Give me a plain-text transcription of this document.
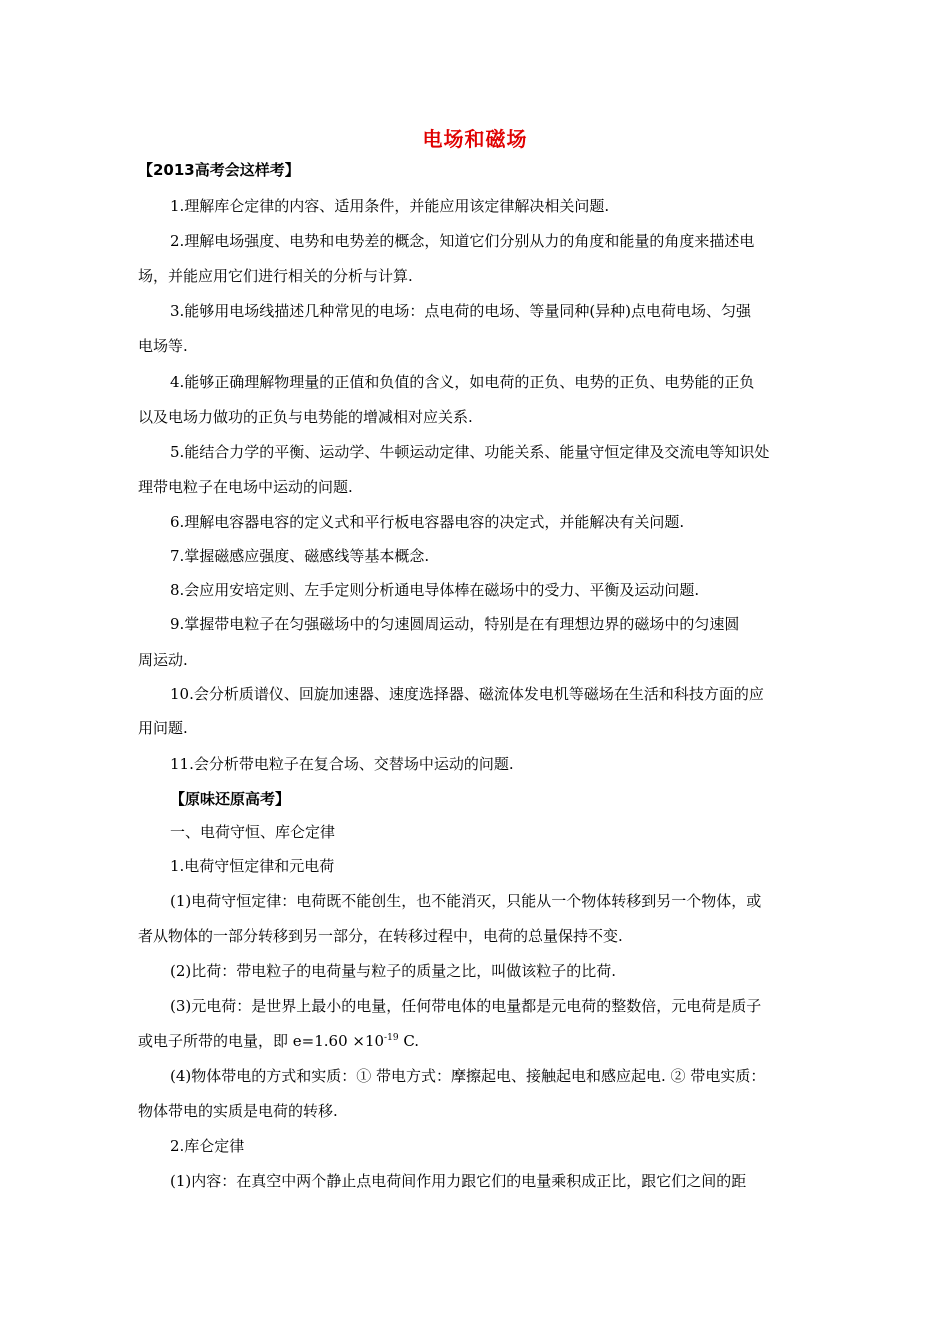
电场和磁场
【2013高考会这样考】
1.理解库仑定律的内容、适用条件，并能应用该定律解决相关问题.
2.理解电场强度、电势和电势差的概念，知道它们分别从力的角度和能量的角度来描述电
场，并能应用它们进行相关的分析与计算.
3.能够用电场线描述几种常见的电场：点电荷的电场、等量同种(异种)点电荷电场、匀强
电场等.
4.能够正确理解物理量的正值和负值的含义，如电荷的正负、电势的正负、电势能的正负
以及电场力做功的正负与电势能的增减相对应关系.
5.能结合力学的平衡、运动学、牛顿运动定律、功能关系、能量守恒定律及交流电等知识处
理带电粒子在电场中运动的问题.
6.理解电容器电容的定义式和平行板电容器电容的决定式，并能解决有关问题.
7.掌握磁感应强度、磁感线等基本概念.
8.会应用安培定则、左手定则分析通电导体棒在磁场中的受力、平衡及运动问题.
9.掌握带电粒子在匀强磁场中的匀速圆周运动，特别是在有理想边界的磁场中的匀速圆
周运动.
10.会分析质谱仪、回旋加速器、速度选择器、磁流体发电机等磁场在生活和科技方面的应
用问题.
11.会分析带电粒子在复合场、交替场中运动的问题.
【原味还原高考】
一、电荷守恒、库仑定律
1.电荷守恒定律和元电荷
(1)电荷守恒定律：电荷既不能创生，也不能消灭，只能从一个物体转移到另一个物体，或
者从物体的一部分转移到另一部分，在转移过程中，电荷的总量保持不变.
(2)比荷：带电粒子的电荷量与粒子的质量之比，叫做该粒子的比荷.
(3)元电荷：是世界上最小的电量，任何带电体的电量都是元电荷的整数倍，元电荷是质子
或电子所带的电量，即 $e=1.60 \times 10^{-19}$ C.
(4)物体带电的方式和实质：① 带电方式：摩擦起电、接触起电和感应起电. ② 带电实质：
物体带电的实质是电荷的转移.
2.库仑定律
(1)内容：在真空中两个静止点电荷间作用力跟它们的电量乘积成正比，跟它们之间的距
